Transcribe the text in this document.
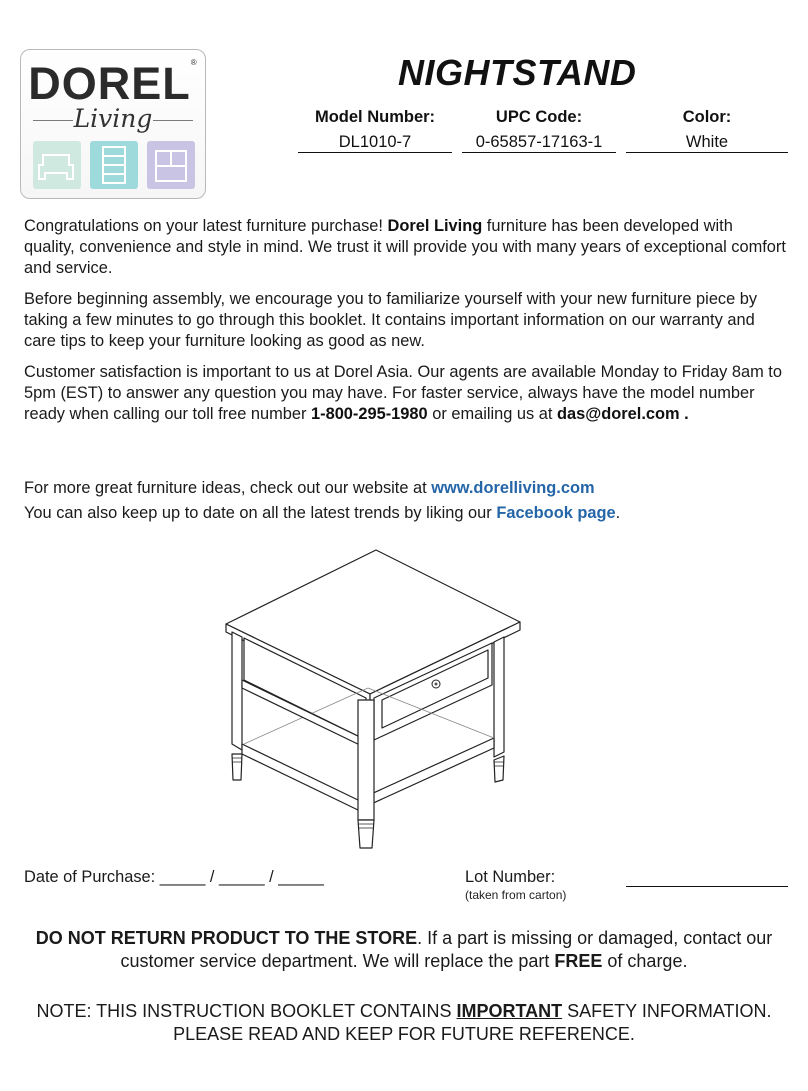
DOREL®
Living
NIGHTSTAND
Model Number:
DL1010-7
UPC Code:
0-65857-17163-1
Color:
White
Congratulations on your latest furniture purchase! Dorel Living furniture has been developed with quality, convenience and style in mind. We trust it will provide you with many years of exceptional comfort and service.
Before beginning assembly, we encourage you to familiarize yourself with your new furniture piece by taking a few minutes to go through this booklet. It contains important information on our warranty and care tips to keep your furniture looking as good as new.
Customer satisfaction is important to us at Dorel Asia. Our agents are available Monday to Friday 8am to 5pm (EST) to answer any question you may have. For faster service, always have the model number ready when calling our toll free number 1-800-295-1980 or emailing us at das@dorel.com .
For more great furniture ideas, check out our website at www.dorelliving.com
You can also keep up to date on all the latest trends by liking our Facebook page.
Date of Purchase: _____ / _____ / _____	Lot Number:
(taken from carton)
DO NOT RETURN PRODUCT TO THE STORE. If a part is missing or damaged, contact our customer service department. We will replace the part FREE of charge.
NOTE: THIS INSTRUCTION BOOKLET CONTAINS IMPORTANT SAFETY INFORMATION.
PLEASE READ AND KEEP FOR FUTURE REFERENCE.
